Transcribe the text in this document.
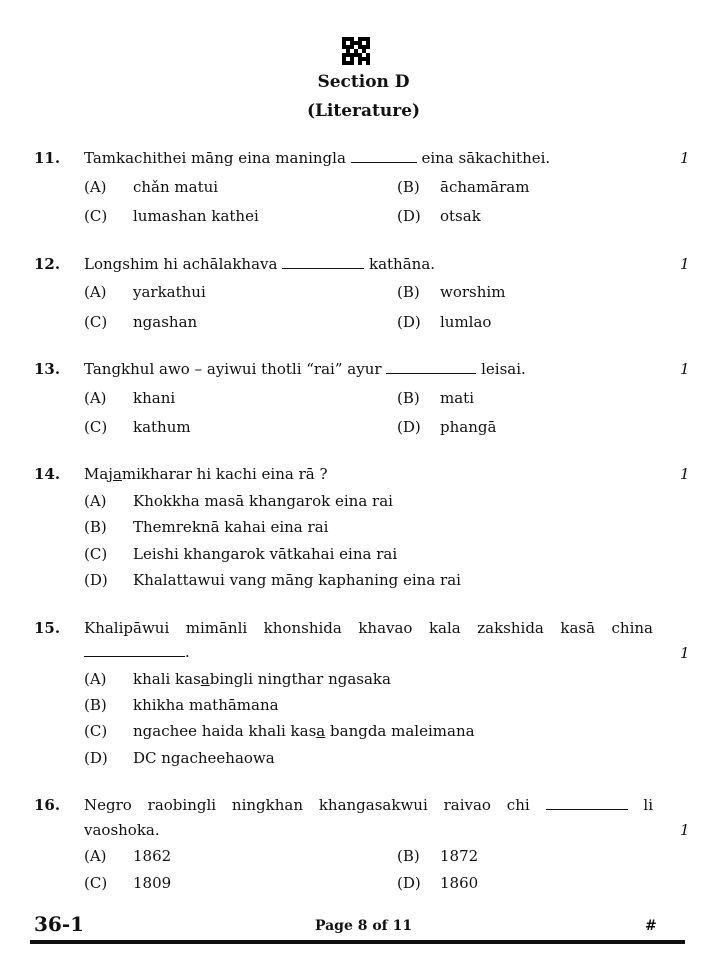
Section D
(Literature)
11. Tamkachithei māng eina maningla	eina sākachithei.	1
(A) chǎn matui	(B) āchamāram
(C) lumashan kathei	(D) otsak
12. Longshim hi achālakhava	kathāna.	1
(A) yarkathui	(B) worshim
(C) ngashan	(D) lumlao
13. Tangkhul awo – ayiwui thotli “rai” ayur	leisai.	1
(A) khani	(B) mati
(C) kathum	(D) phangā
14. Majamikharar hi kachi eina rā ?	1
(A) Khokkha masā khangarok eina rai
(B) Themreknā kahai eina rai
(C) Leishi khangarok vātkahai eina rai
(D) Khalattawui vang māng kaphaning eina rai
15. Khalipāwui mimānli khonshida khavao kala zakshida kasā china
.	1
(A) khali kasabingli ningthar ngasaka
(B) khikha mathāmana
(C) ngachee haida khali kasa bangda maleimana
(D) DC ngacheehaowa
16. Negro raobingli ningkhan khangasakwui raivao chi	li
vaoshoka.	1
(A) 1862	(B) 1872
(C) 1809	(D) 1860
36-1	Page 8 of 11	#
